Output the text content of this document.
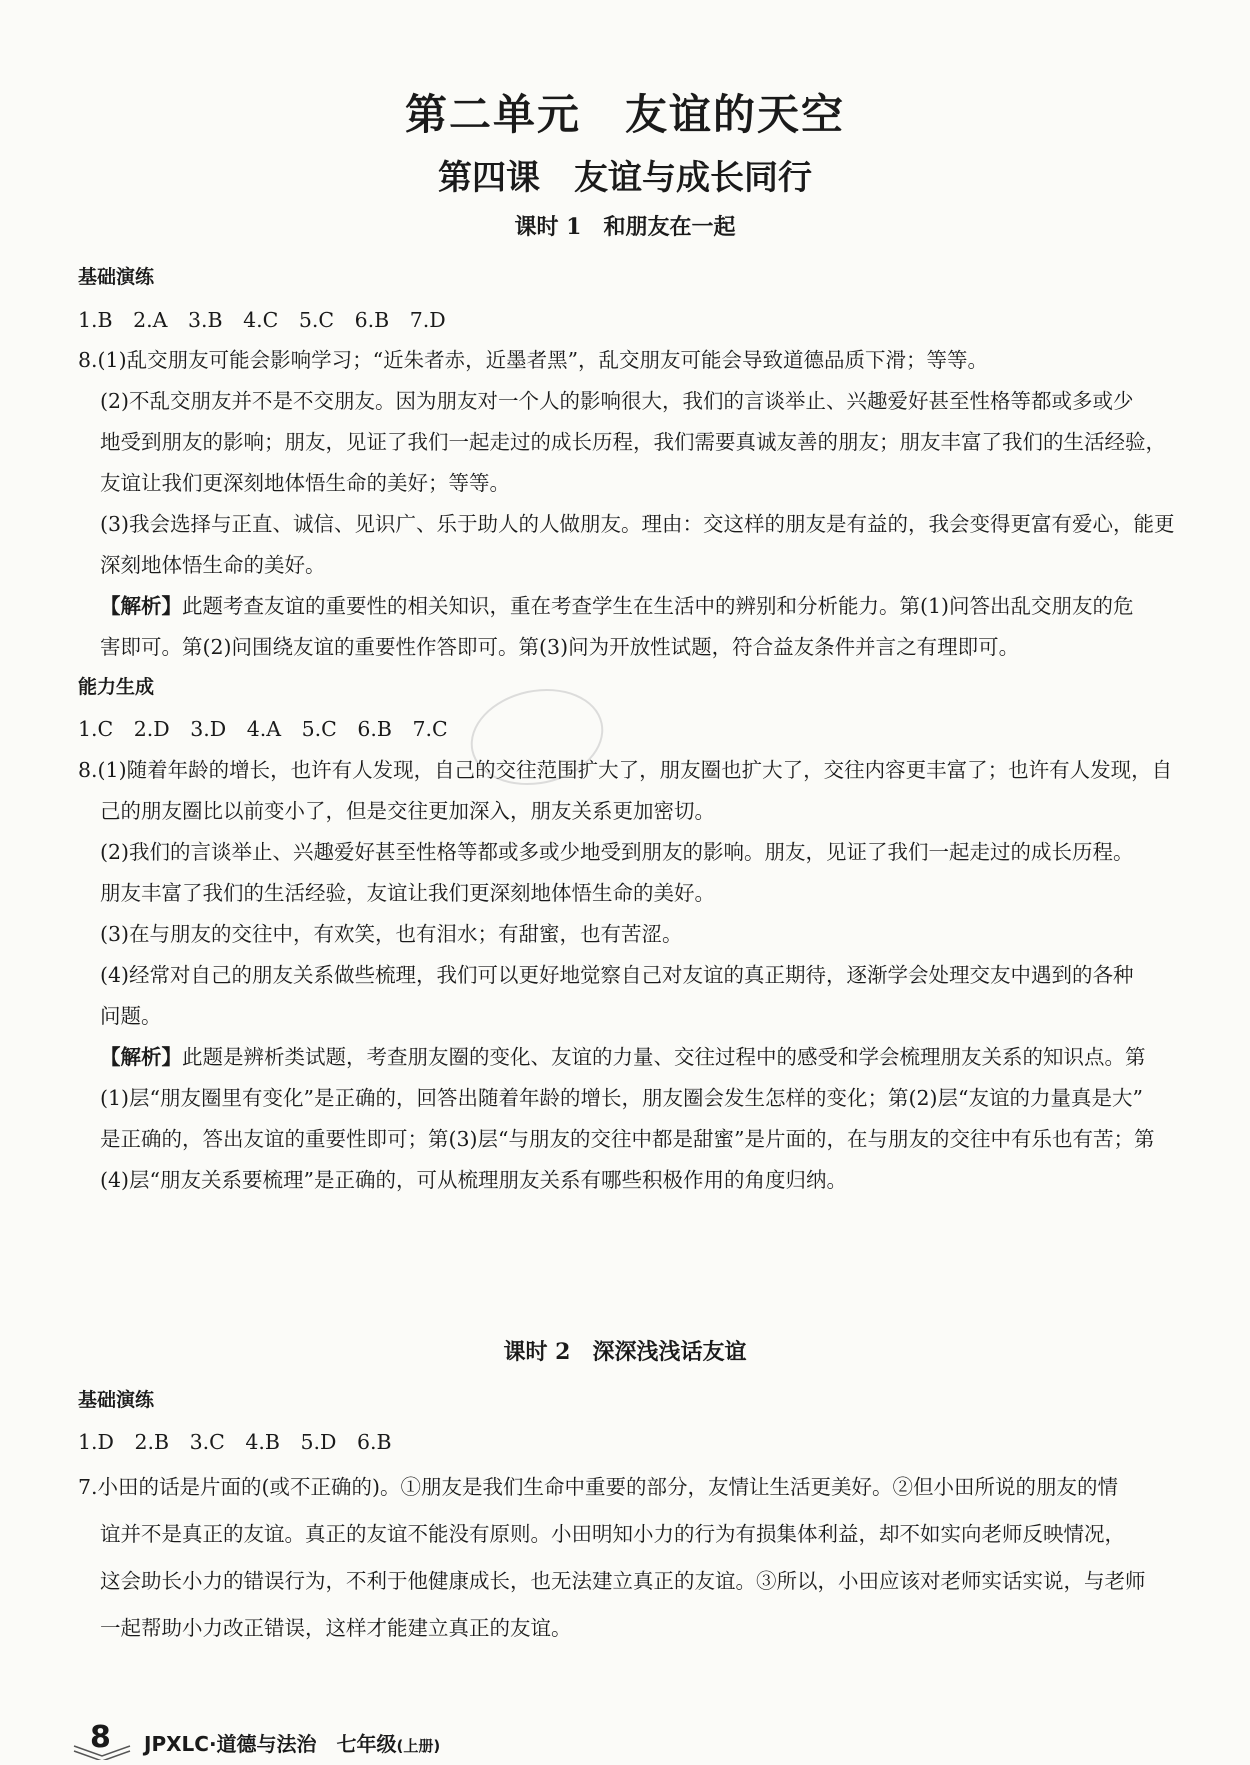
第二单元　友谊的天空
第四课　友谊与成长同行
课时 1　和朋友在一起
基础演练
1.B　2.A　3.B　4.C　5.C　6.B　7.D
8.(1)乱交朋友可能会影响学习；“近朱者赤，近墨者黑”，乱交朋友可能会导致道德品质下滑；等等。
(2)不乱交朋友并不是不交朋友。因为朋友对一个人的影响很大，我们的言谈举止、兴趣爱好甚至性格等都或多或少
地受到朋友的影响；朋友，见证了我们一起走过的成长历程，我们需要真诚友善的朋友；朋友丰富了我们的生活经验，
友谊让我们更深刻地体悟生命的美好；等等。
(3)我会选择与正直、诚信、见识广、乐于助人的人做朋友。理由：交这样的朋友是有益的，我会变得更富有爱心，能更
深刻地体悟生命的美好。
【解析】此题考查友谊的重要性的相关知识，重在考查学生在生活中的辨别和分析能力。第(1)问答出乱交朋友的危
害即可。第(2)问围绕友谊的重要性作答即可。第(3)问为开放性试题，符合益友条件并言之有理即可。
能力生成
1.C　2.D　3.D　4.A　5.C　6.B　7.C
8.(1)随着年龄的增长，也许有人发现，自己的交往范围扩大了，朋友圈也扩大了，交往内容更丰富了；也许有人发现，自
己的朋友圈比以前变小了，但是交往更加深入，朋友关系更加密切。
(2)我们的言谈举止、兴趣爱好甚至性格等都或多或少地受到朋友的影响。朋友，见证了我们一起走过的成长历程。
朋友丰富了我们的生活经验，友谊让我们更深刻地体悟生命的美好。
(3)在与朋友的交往中，有欢笑，也有泪水；有甜蜜，也有苦涩。
(4)经常对自己的朋友关系做些梳理，我们可以更好地觉察自己对友谊的真正期待，逐渐学会处理交友中遇到的各种
问题。
【解析】此题是辨析类试题，考查朋友圈的变化、友谊的力量、交往过程中的感受和学会梳理朋友关系的知识点。第
(1)层“朋友圈里有变化”是正确的，回答出随着年龄的增长，朋友圈会发生怎样的变化；第(2)层“友谊的力量真是大”
是正确的，答出友谊的重要性即可；第(3)层“与朋友的交往中都是甜蜜”是片面的，在与朋友的交往中有乐也有苦；第
(4)层“朋友关系要梳理”是正确的，可从梳理朋友关系有哪些积极作用的角度归纳。
课时 2　深深浅浅话友谊
基础演练
1.D　2.B　3.C　4.B　5.D　6.B
7.小田的话是片面的(或不正确的)。①朋友是我们生命中重要的部分，友情让生活更美好。②但小田所说的朋友的情
谊并不是真正的友谊。真正的友谊不能没有原则。小田明知小力的行为有损集体利益，却不如实向老师反映情况，
这会助长小力的错误行为，不利于他健康成长，也无法建立真正的友谊。③所以，小田应该对老师实话实说，与老师
一起帮助小力改正错误，这样才能建立真正的友谊。
8 JPXLC·道德与法治　七年级(上册)
